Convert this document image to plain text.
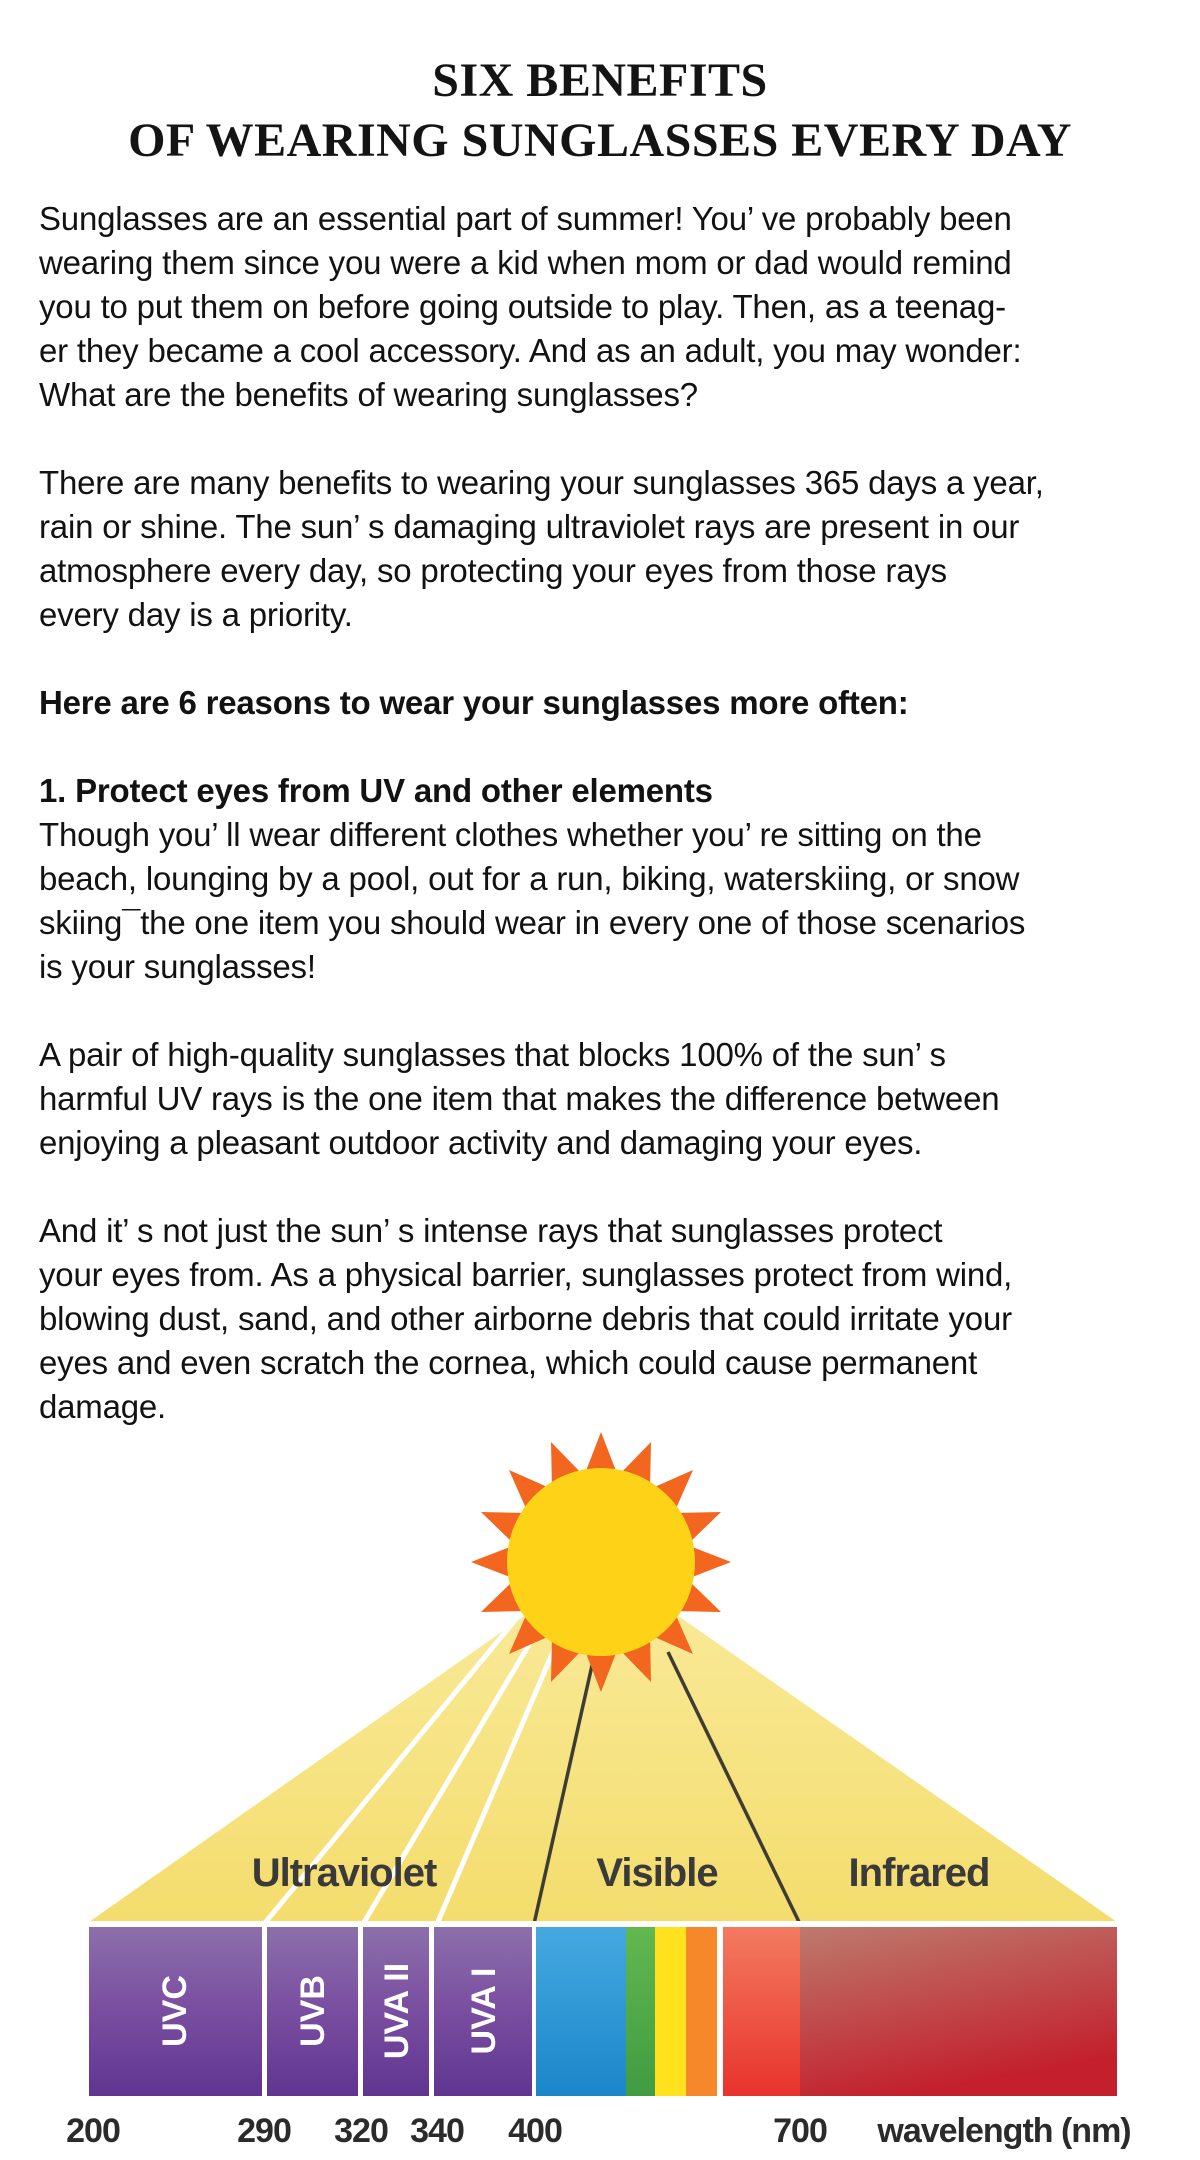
SIX BENEFITS
OF WEARING SUNGLASSES EVERY DAY
Sunglasses are an essential part of summer! You’ ve probably been
wearing them since you were a kid when mom or dad would remind
you to put them on before going outside to play. Then, as a teenag-
er they became a cool accessory. And as an adult, you may wonder:
What are the benefits of wearing sunglasses?
There are many benefits to wearing your sunglasses 365 days a year,
rain or shine. The sun’ s damaging ultraviolet rays are present in our
atmosphere every day, so protecting your eyes from those rays
every day is a priority.
Here are 6 reasons to wear your sunglasses more often:
1. Protect eyes from UV and other elements
Though you’ ll wear different clothes whether you’ re sitting on the
beach, lounging by a pool, out for a run, biking, waterskiing, or snow
skiing¯the one item you should wear in every one of those scenarios
is your sunglasses!
A pair of high-quality sunglasses that blocks 100% of the sun’ s
harmful UV rays is the one item that makes the difference between
enjoying a pleasant outdoor activity and damaging your eyes.
And it’ s not just the sun’ s intense rays that sunglasses protect
your eyes from. As a physical barrier, sunglasses protect from wind,
blowing dust, sand, and other airborne debris that could irritate your
eyes and even scratch the cornea, which could cause permanent
damage.
UVC	UVB UVA II UVA I
Ultraviolet	Visible	Infrared
200	290 320 340 400	700 wavelength (nm)
